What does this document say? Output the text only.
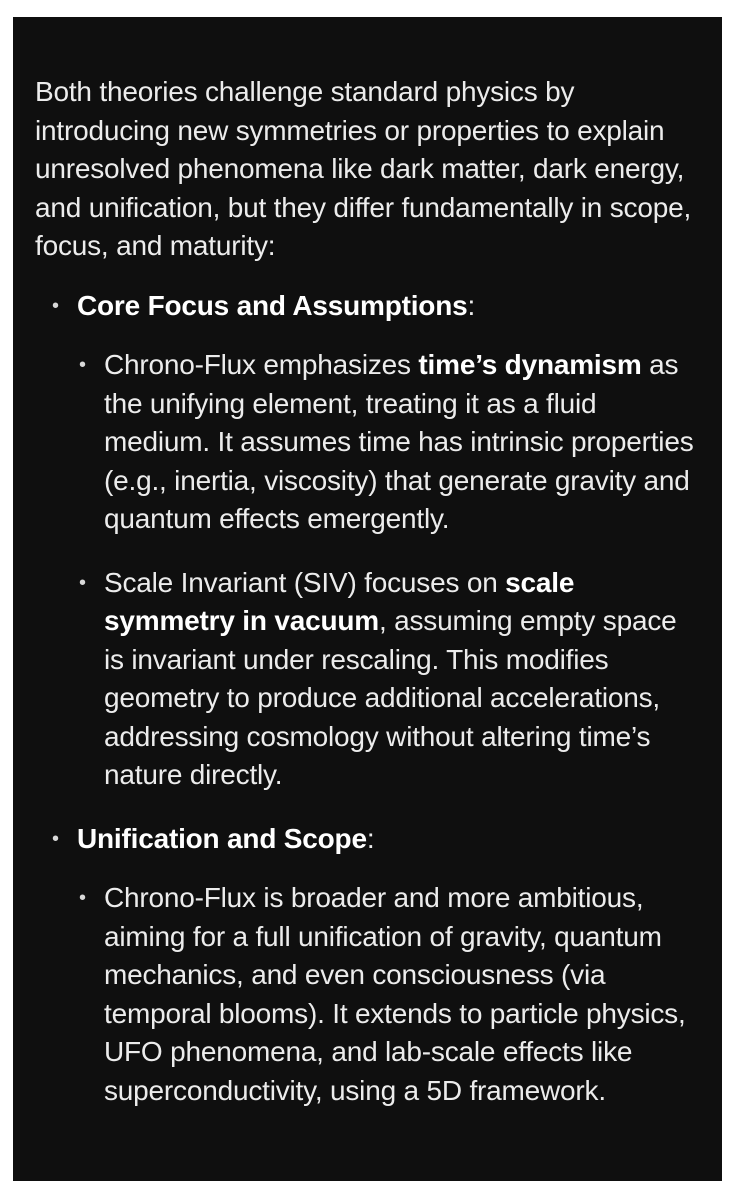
Both theories challenge standard physics by introducing new symmetries or properties to explain unresolved phenomena like dark matter, dark energy, and unification, but they differ fundamentally in scope, focus, and maturity:

• Core Focus and Assumptions:

• Chrono-Flux emphasizes time’s dynamism as the unifying element, treating it as a fluid medium. It assumes time has intrinsic properties (e.g., inertia, viscosity) that generate gravity and quantum effects emergently.
• Scale Invariant (SIV) focuses on scale symmetry in vacuum, assuming empty space is invariant under rescaling. This modifies geometry to produce additional accelerations, addressing cosmology without altering time’s nature directly.
• Unification and Scope:

• Chrono-Flux is broader and more ambitious, aiming for a full unification of gravity, quantum mechanics, and even consciousness (via temporal blooms). It extends to particle physics, UFO phenomena, and lab-scale effects like superconductivity, using a 5D framework.
